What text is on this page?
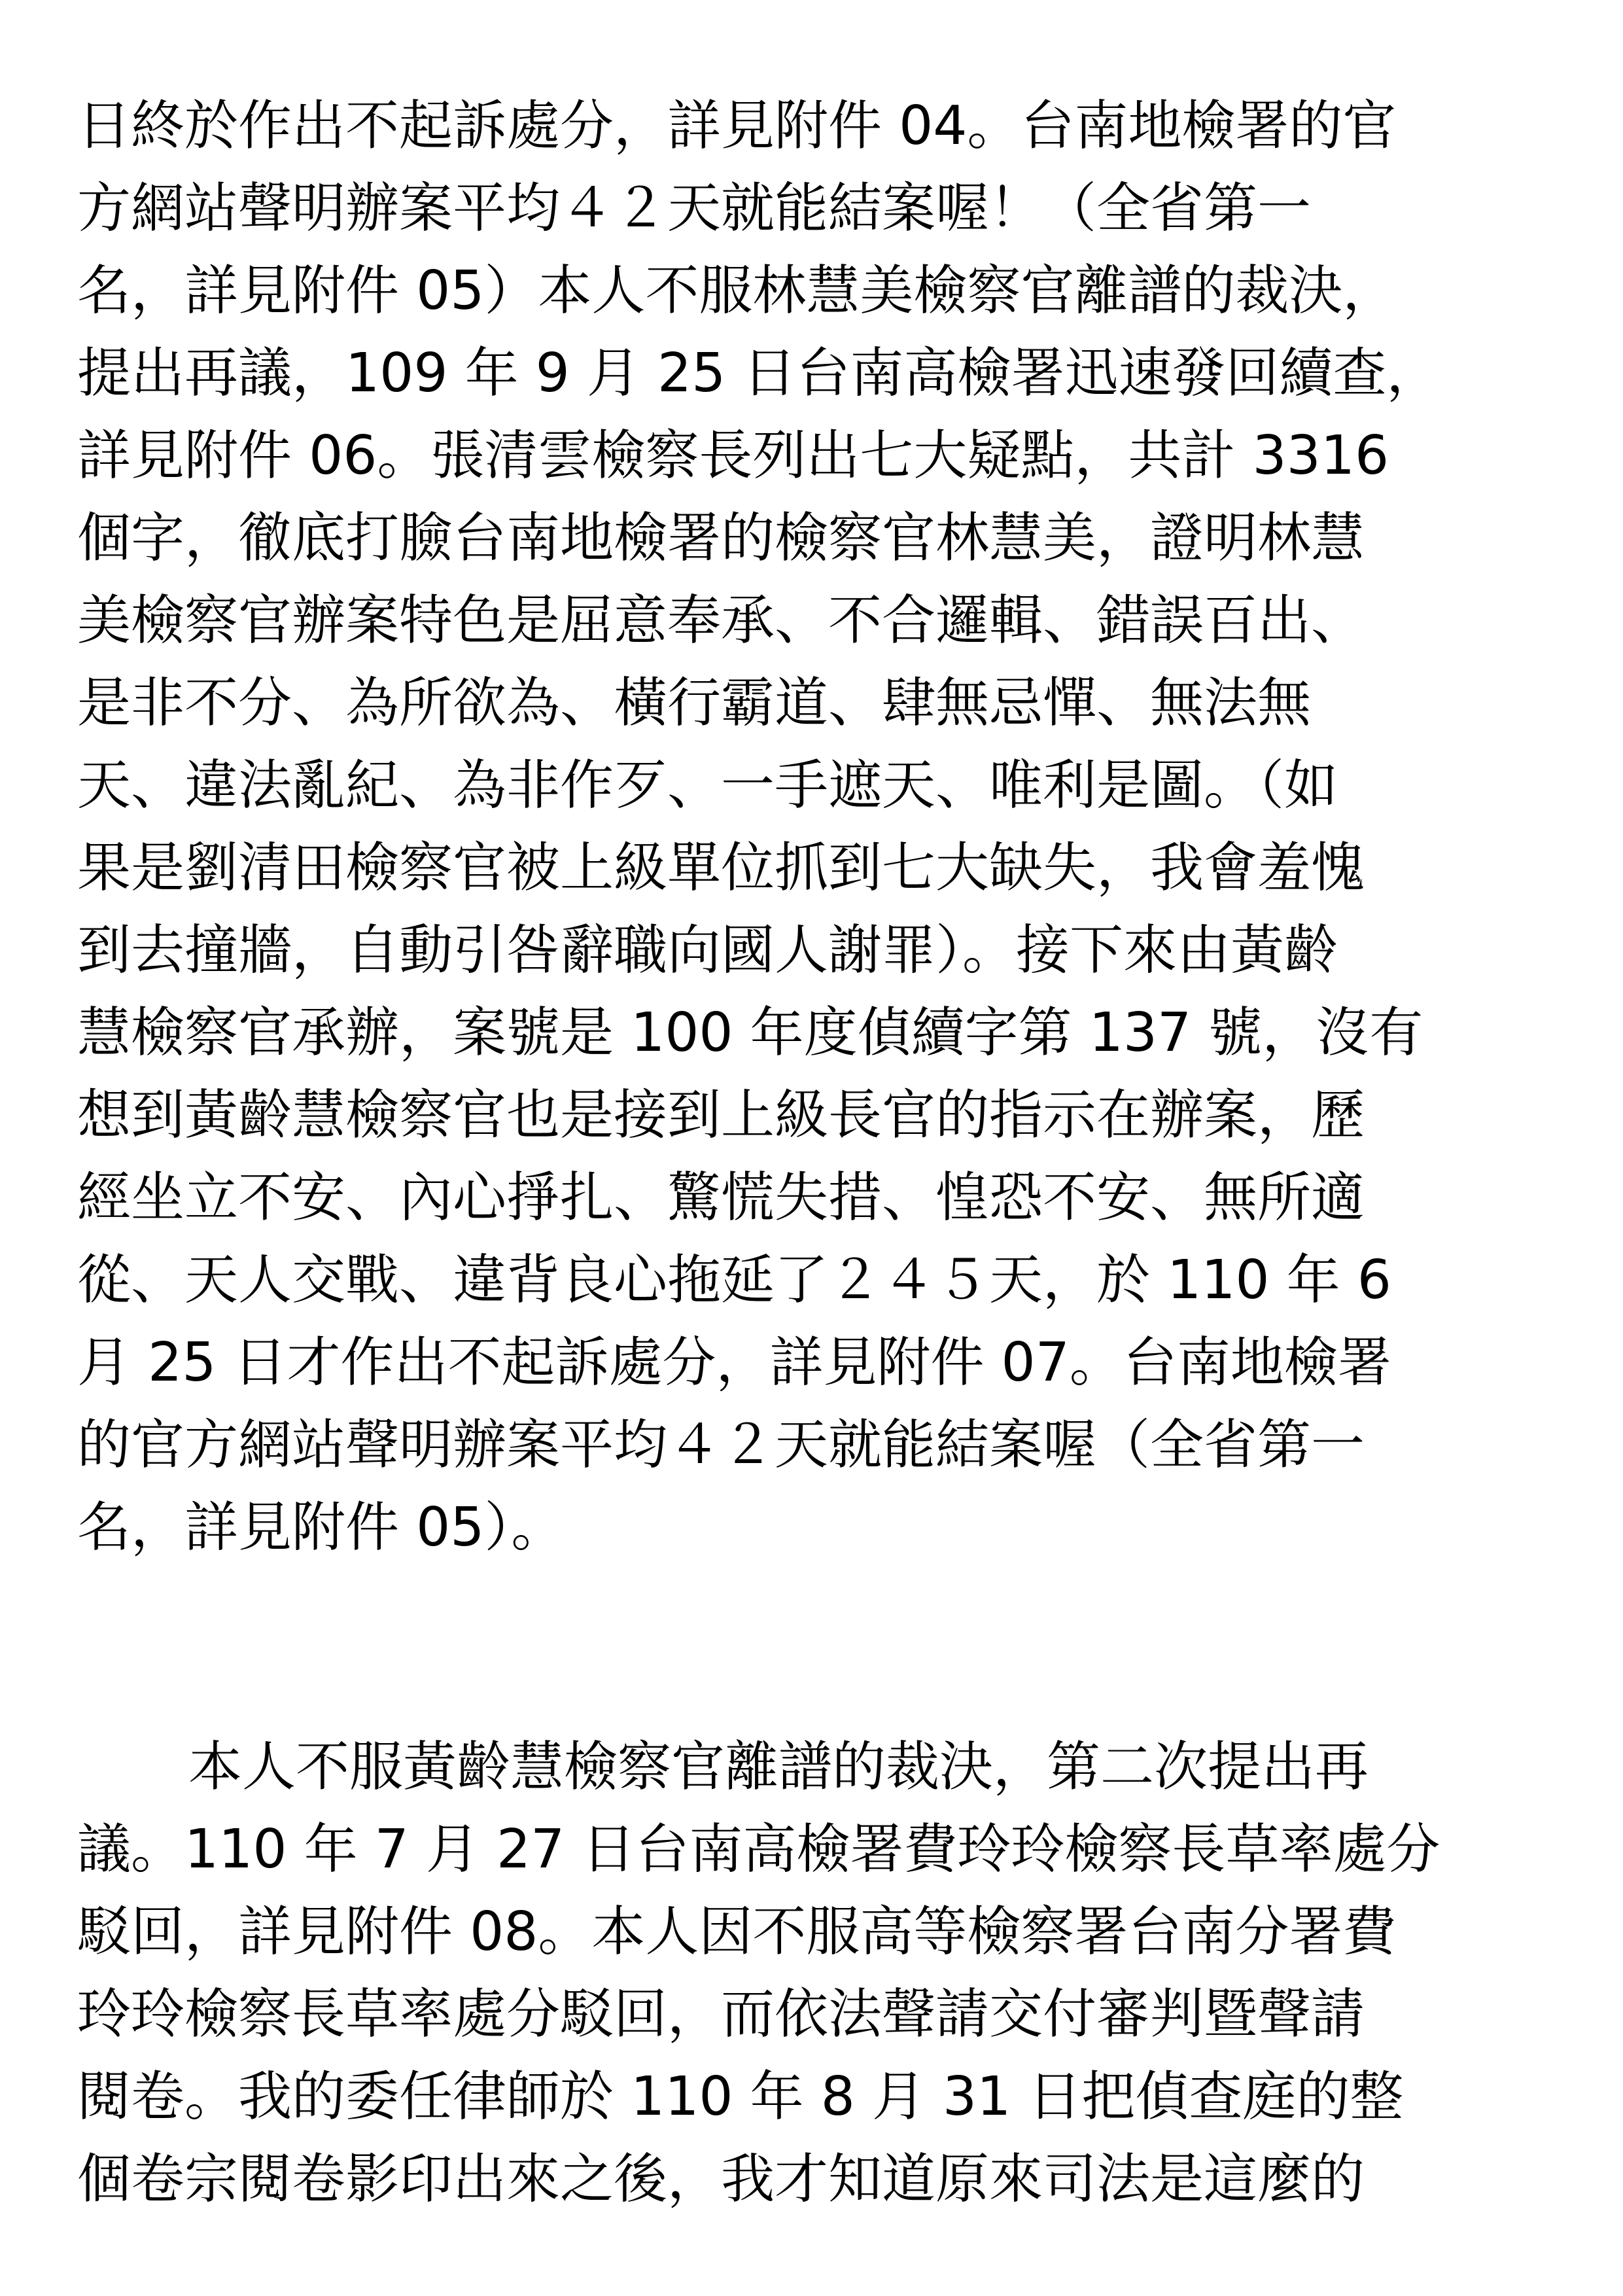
日終於作出不起訴處分，詳見附件 04。台南地檢署的官
方網站聲明辦案平均４２天就能結案喔！（全省第一
名，詳見附件 05）本人不服林慧美檢察官離譜的裁決，
提出再議，109 年 9 月 25 日台南高檢署迅速發回續查，
詳見附件 06。張清雲檢察長列出七大疑點，共計 3316
個字，徹底打臉台南地檢署的檢察官林慧美，證明林慧
美檢察官辦案特色是屈意奉承、不合邏輯、錯誤百出、
是非不分、為所欲為、橫行霸道、肆無忌憚、無法無
天、違法亂紀、為非作歹、一手遮天、唯利是圖。（如
果是劉清田檢察官被上級單位抓到七大缺失，我會羞愧
到去撞牆，自動引咎辭職向國人謝罪）。接下來由黃齡
慧檢察官承辦，案號是 100 年度偵續字第 137 號，沒有
想到黃齡慧檢察官也是接到上級長官的指示在辦案，歷
經坐立不安、內心掙扎、驚慌失措、惶恐不安、無所適
從、天人交戰、違背良心拖延了２４５天，於 110 年 6
月 25 日才作出不起訴處分，詳見附件 07。台南地檢署
的官方網站聲明辦案平均４２天就能結案喔（全省第一
名，詳見附件 05）。
本人不服黃齡慧檢察官離譜的裁決，第二次提出再
議。110 年 7 月 27 日台南高檢署費玲玲檢察長草率處分
駁回，詳見附件 08。本人因不服高等檢察署台南分署費
玲玲檢察長草率處分駁回，而依法聲請交付審判暨聲請
閱卷。我的委任律師於 110 年 8 月 31 日把偵查庭的整
個卷宗閱卷影印出來之後，我才知道原來司法是這麼的
